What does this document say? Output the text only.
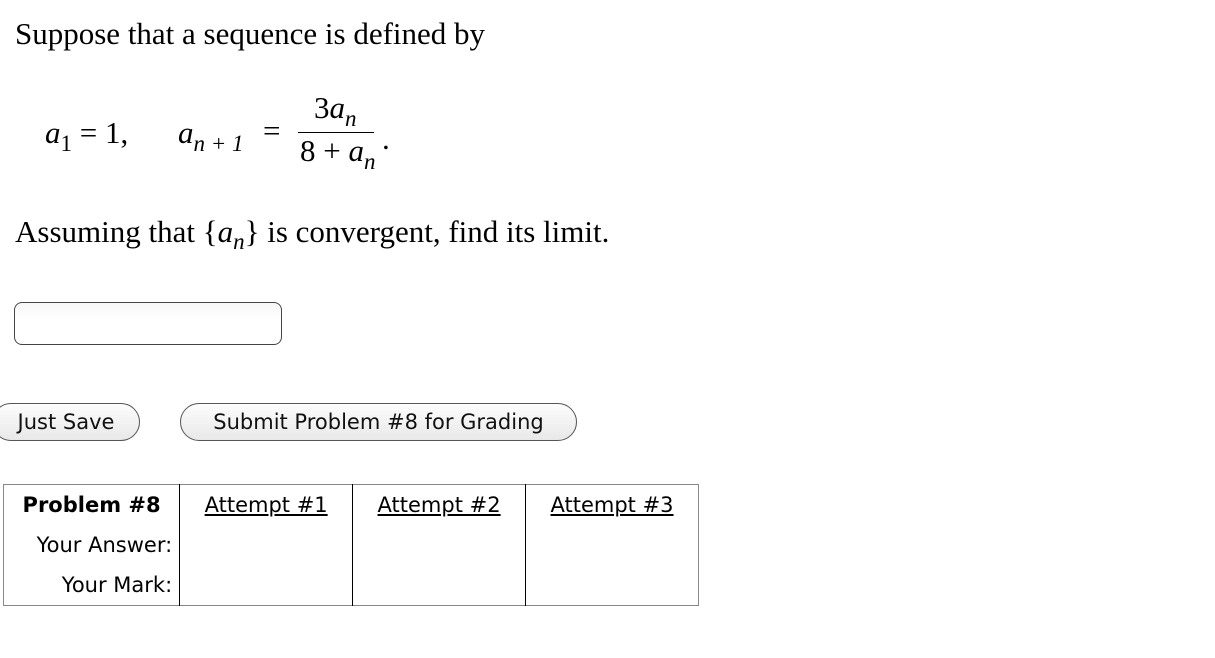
Suppose that a sequence is defined by
$a_1 = 1$, $a_{n + 1}$ =
$3a_n$
$8 + a_n$
.
Assuming that $\{a_n\}$ is convergent, find its limit.
Just Save	Submit Problem #8 for Grading
Problem #8	Attempt #1	Attempt #2	Attempt #3
Your Answer:			
Your Mark:			
